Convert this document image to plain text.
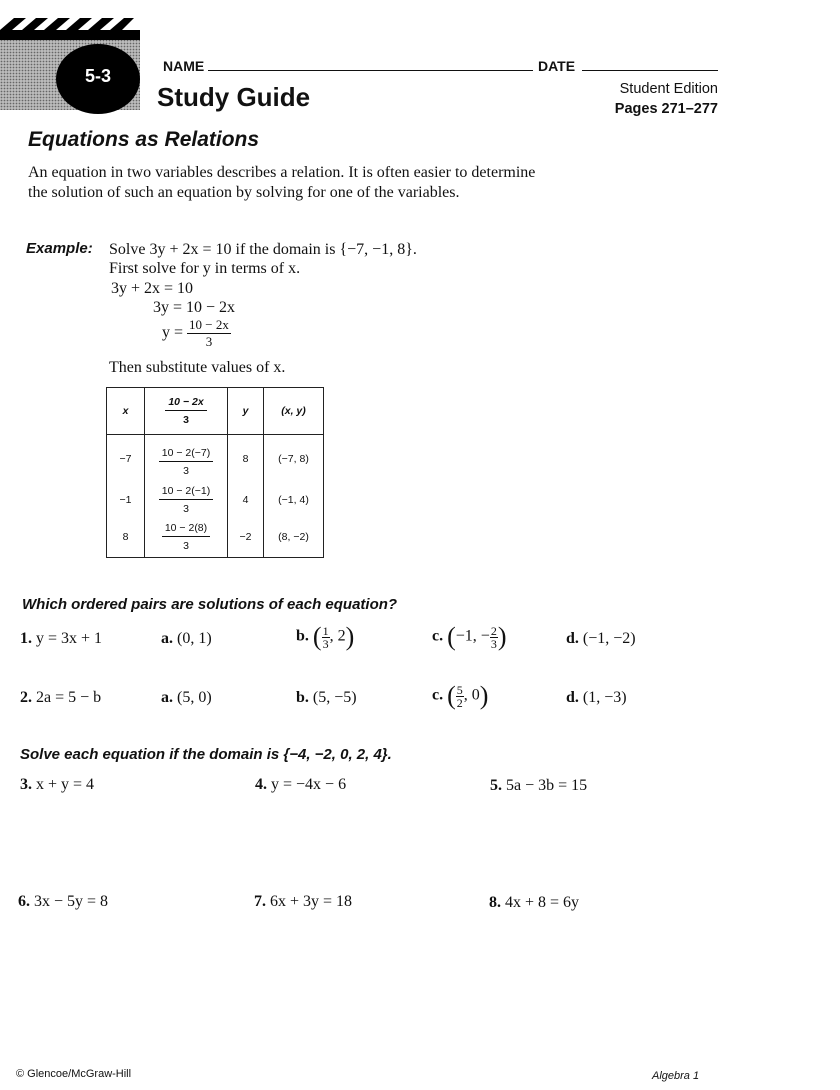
5-3	NAME	DATE
Study Guide	Student Edition
Pages 271–277
Equations as Relations
An equation in two variables describes a relation. It is often easier to determine the solution of such an equation by solving for one of the variables.
Example: Solve 3y + 2x = 10 if the domain is {−7, −1, 8}.
First solve for y in terms of x.
3y + 2x = 10
3y = 10 − 2x
$y = \frac{10 - 2x}{3}$
Then substitute values of x.
x	$\frac{10 - 2x}{3}$	y	(x, y)
−7	$\frac{10 - 2(-7)}{3}$	8	(−7, 8)
−1	$\frac{10 - 2(-1)}{3}$	4	(−1, 4)
8	$\frac{10 - 2(8)}{3}$	−2	(8, −2)
Which ordered pairs are solutions of each equation?
1. y = 3x + 1	a. (0, 1)	b. ( $\frac{1}{3}$, 2)	c. (−1, − $\frac{2}{3}$)	d. (−1, −2)
2. 2a = 5 − b	a. (5, 0)	b. (5, −5)	c. ( $\frac{5}{2}$, 0)	d. (1, −3)
Solve each equation if the domain is {−4, −2, 0, 2, 4}.
3. x + y = 4	4. y = −4x − 6	5. 5a − 3b = 15
6. 3x − 5y = 8	7. 6x + 3y = 18	8. 4x + 8 = 6y
© Glencoe/McGraw-Hill	Algebra 1
